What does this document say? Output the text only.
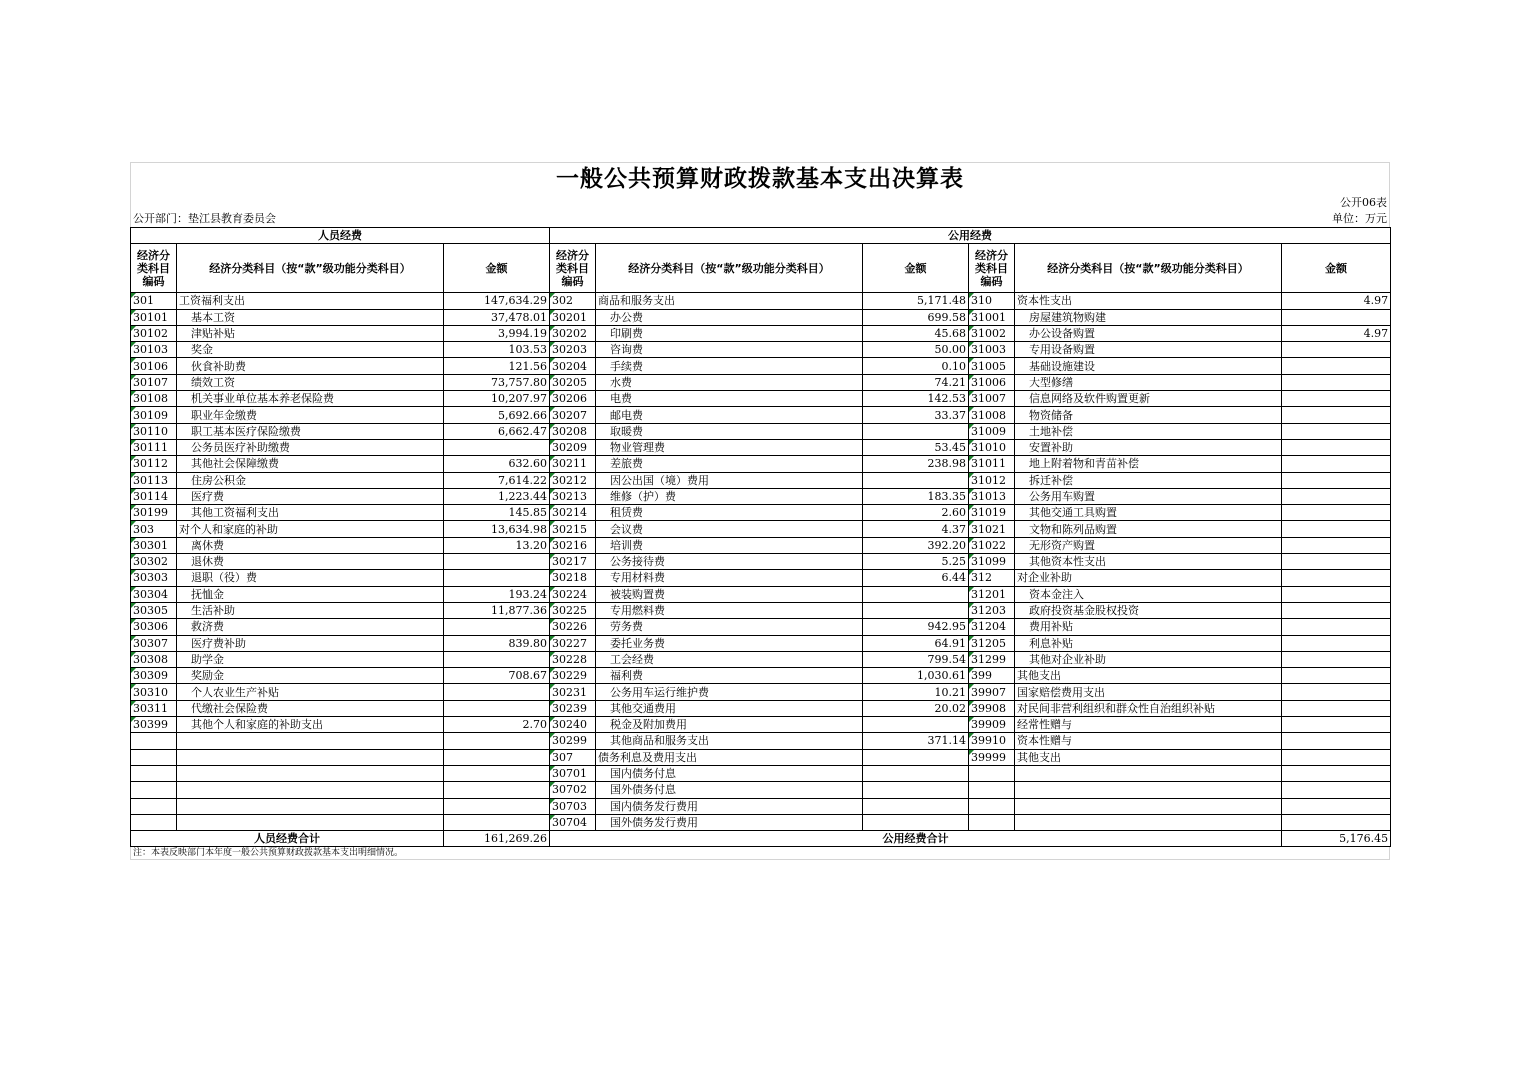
一般公共预算财政拨款基本支出决算表
公开06表
公开部门：垫江县教育委员会	单位：万元
人员经费			公用经费					
经济分类科目编码	经济分类科目（按“款”级功能分类科目）	金额	经济分类科目编码	经济分类科目（按“款”级功能分类科目）	金额	经济分类科目编码	经济分类科目（按“款”级功能分类科目）	金额
301	工资福利支出	147,634.29	302	商品和服务支出	5,171.48	310	资本性支出	4.97
30101	基本工资	37,478.01	30201	办公费	699.58	31001	房屋建筑物购建	
30102	津贴补贴	3,994.19	30202	印刷费	45.68	31002	办公设备购置	4.97
30103	奖金	103.53	30203	咨询费	50.00	31003	专用设备购置	
30106	伙食补助费	121.56	30204	手续费	0.10	31005	基础设施建设	
30107	绩效工资	73,757.80	30205	水费	74.21	31006	大型修缮	
30108	机关事业单位基本养老保险费	10,207.97	30206	电费	142.53	31007	信息网络及软件购置更新	
30109	职业年金缴费	5,692.66	30207	邮电费	33.37	31008	物资储备	
30110	职工基本医疗保险缴费	6,662.47	30208	取暖费		31009	土地补偿	
30111	公务员医疗补助缴费		30209	物业管理费	53.45	31010	安置补助	
30112	其他社会保障缴费	632.60	30211	差旅费	238.98	31011	地上附着物和青苗补偿	
30113	住房公积金	7,614.22	30212	因公出国（境）费用		31012	拆迁补偿	
30114	医疗费	1,223.44	30213	维修（护）费	183.35	31013	公务用车购置	
30199	其他工资福利支出	145.85	30214	租赁费	2.60	31019	其他交通工具购置	
303	对个人和家庭的补助	13,634.98	30215	会议费	4.37	31021	文物和陈列品购置	
30301	离休费	13.20	30216	培训费	392.20	31022	无形资产购置	
30302	退休费		30217	公务接待费	5.25	31099	其他资本性支出	
30303	退职（役）费		30218	专用材料费	6.44	312	对企业补助	
30304	抚恤金	193.24	30224	被装购置费		31201	资本金注入	
30305	生活补助	11,877.36	30225	专用燃料费		31203	政府投资基金股权投资	
30306	救济费		30226	劳务费	942.95	31204	费用补贴	
30307	医疗费补助	839.80	30227	委托业务费	64.91	31205	利息补贴	
30308	助学金		30228	工会经费	799.54	31299	其他对企业补助	
30309	奖励金	708.67	30229	福利费	1,030.61	399	其他支出	
30310	个人农业生产补贴		30231	公务用车运行维护费	10.21	39907	国家赔偿费用支出	
30311	代缴社会保险费		30239	其他交通费用	20.02	39908	对民间非营利组织和群众性自治组织补贴	
30399	其他个人和家庭的补助支出	2.70	30240	税金及附加费用		39909	经常性赠与	
			30299	其他商品和服务支出	371.14	39910	资本性赠与	
			307	债务利息及费用支出		39999	其他支出	
			30701	国内债务付息				
			30702	国外债务付息				
			30703	国内债务发行费用				
			30704	国外债务发行费用				
人员经费合计		161,269.26	公用经费合计					5,176.45
注：本表反映部门本年度一般公共预算财政拨款基本支出明细情况。
